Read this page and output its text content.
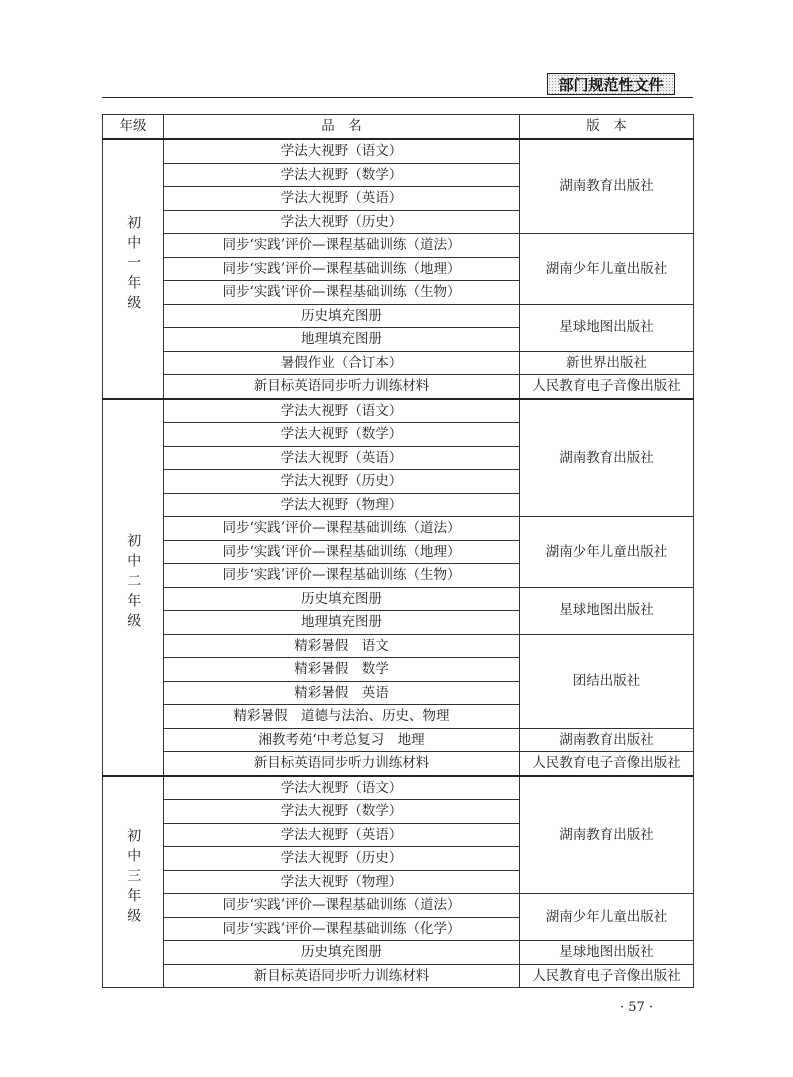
部门规范性文件
年级	品　名	版　本
初中一年级	学法大视野（语文）	湖南教育出版社
	学法大视野（数学）	
	学法大视野（英语）	
	学法大视野（历史）	
	同步‘实践’评价—课程基础训练（道法）	湖南少年儿童出版社
	同步‘实践’评价—课程基础训练（地理）	
	同步‘实践’评价—课程基础训练（生物）	
	历史填充图册	星球地图出版社
	地理填充图册	
	暑假作业（合订本）	新世界出版社
	新目标英语同步听力训练材料	人民教育电子音像出版社
初中二年级	学法大视野（语文）	湖南教育出版社
	学法大视野（数学）	
	学法大视野（英语）	
	学法大视野（历史）	
	学法大视野（物理）	
	同步‘实践’评价—课程基础训练（道法）	湖南少年儿童出版社
	同步‘实践’评价—课程基础训练（地理）	
	同步‘实践’评价—课程基础训练（生物）	
	历史填充图册	星球地图出版社
	地理填充图册	
	精彩暑假　语文	团结出版社
	精彩暑假　数学	
	精彩暑假　英语	
	精彩暑假　道德与法治、历史、物理	
	湘教考苑‘中考总复习　地理	湖南教育出版社
	新目标英语同步听力训练材料	人民教育电子音像出版社
初中三年级	学法大视野（语文）	湖南教育出版社
	学法大视野（数学）	
	学法大视野（英语）	
	学法大视野（历史）	
	学法大视野（物理）	
	同步‘实践’评价—课程基础训练（道法）	湖南少年儿童出版社
	同步‘实践’评价—课程基础训练（化学）	
	历史填充图册	星球地图出版社
	新目标英语同步听力训练材料	人民教育电子音像出版社
· 57 ·
